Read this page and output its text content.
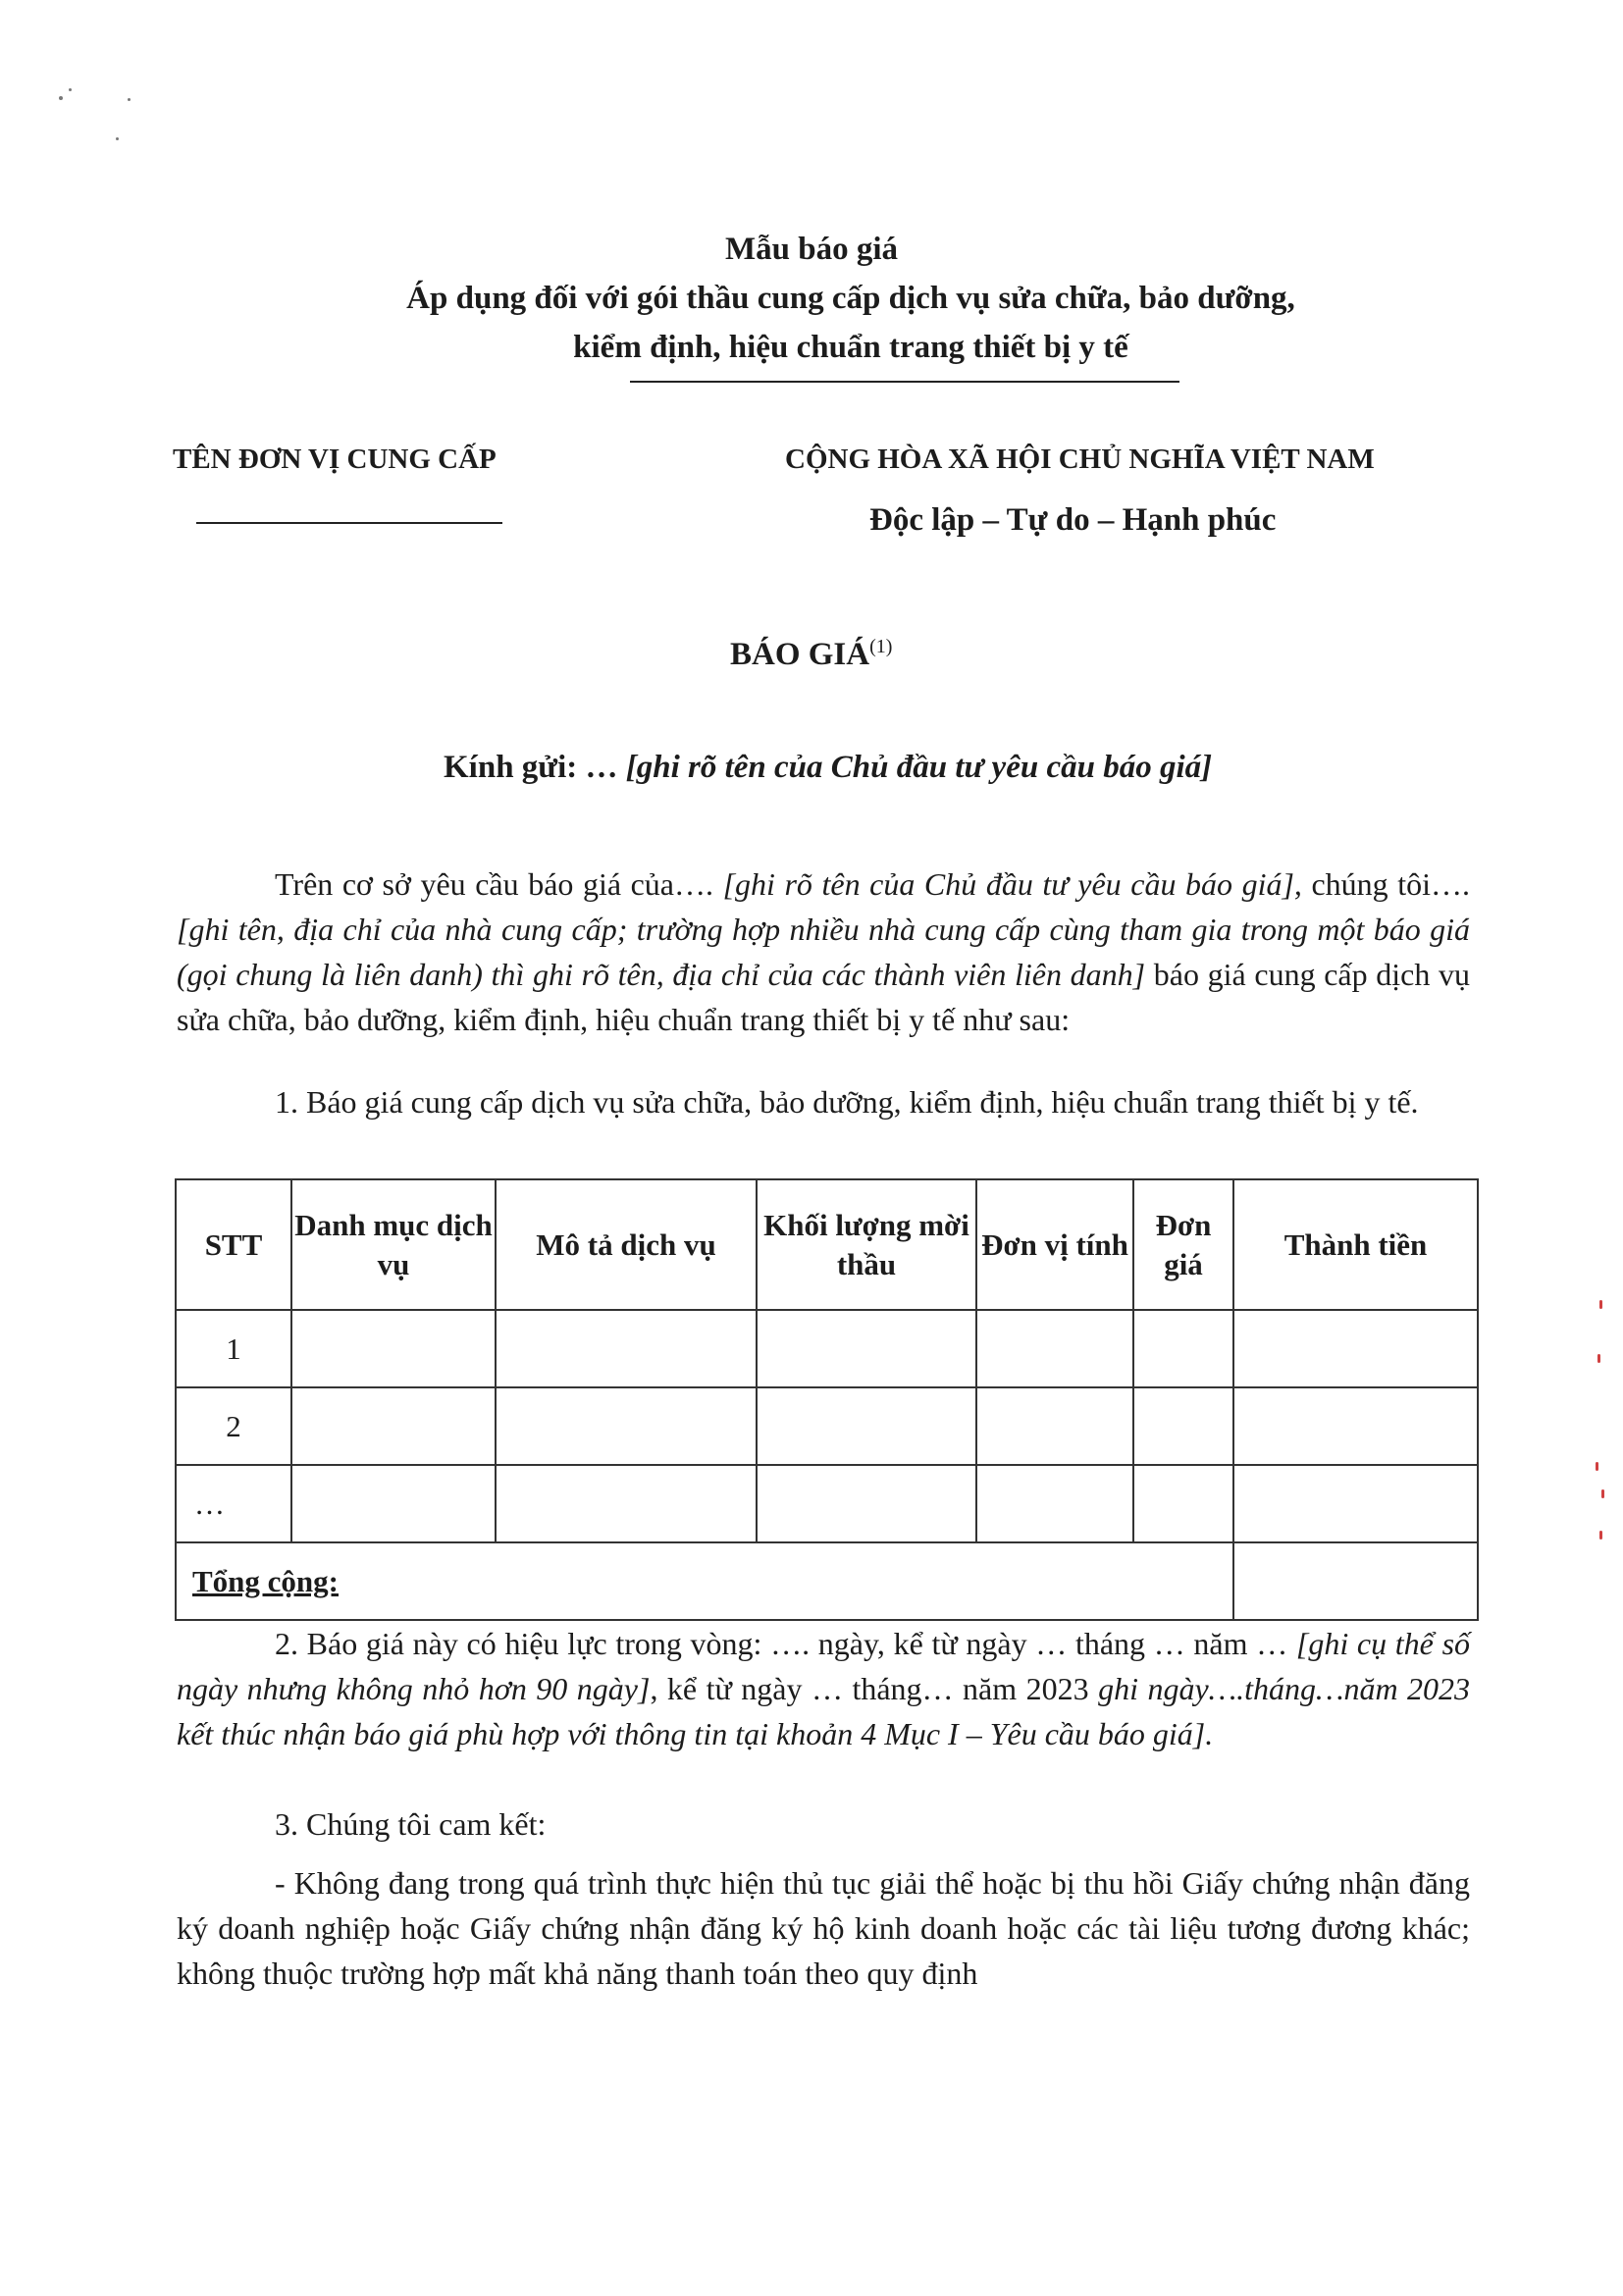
Mẫu báo giá
Áp dụng đối với gói thầu cung cấp dịch vụ sửa chữa, bảo dưỡng,
kiểm định, hiệu chuẩn trang thiết bị y tế
TÊN ĐƠN VỊ CUNG CẤP	CỘNG HÒA XÃ HỘI CHỦ NGHĨA VIỆT NAM
Độc lập – Tự do – Hạnh phúc
BÁO GIÁ$^{(1)}$
Kính gửi: … [ghi rõ tên của Chủ đầu tư yêu cầu báo giá]
Trên cơ sở yêu cầu báo giá của…. [ghi rõ tên của Chủ đầu tư yêu cầu báo giá], chúng tôi….[ghi tên, địa chỉ của nhà cung cấp; trường hợp nhiều nhà cung cấp cùng tham gia trong một báo giá (gọi chung là liên danh) thì ghi rõ tên, địa chỉ của các thành viên liên danh] báo giá cung cấp dịch vụ sửa chữa, bảo dưỡng, kiểm định, hiệu chuẩn trang thiết bị y tế như sau:
1. Báo giá cung cấp dịch vụ sửa chữa, bảo dưỡng, kiểm định, hiệu chuẩn trang thiết bị y tế.
STT	Danh mục dịch vụ	Mô tả dịch vụ	Khối lượng mời thầu	Đơn vị tính	Đơn giá	Thành tiền
1						
2						
…						
Tổng cộng:						
2. Báo giá này có hiệu lực trong vòng: …. ngày, kể từ ngày … tháng … năm … [ghi cụ thể số ngày nhưng không nhỏ hơn 90 ngày], kể từ ngày … tháng… năm 2023 ghi ngày….tháng…năm 2023 kết thúc nhận báo giá phù hợp với thông tin tại khoản 4 Mục I – Yêu cầu báo giá].
3. Chúng tôi cam kết:
- Không đang trong quá trình thực hiện thủ tục giải thể hoặc bị thu hồi Giấy chứng nhận đăng ký doanh nghiệp hoặc Giấy chứng nhận đăng ký hộ kinh doanh hoặc các tài liệu tương đương khác; không thuộc trường hợp mất khả năng thanh toán theo quy định
